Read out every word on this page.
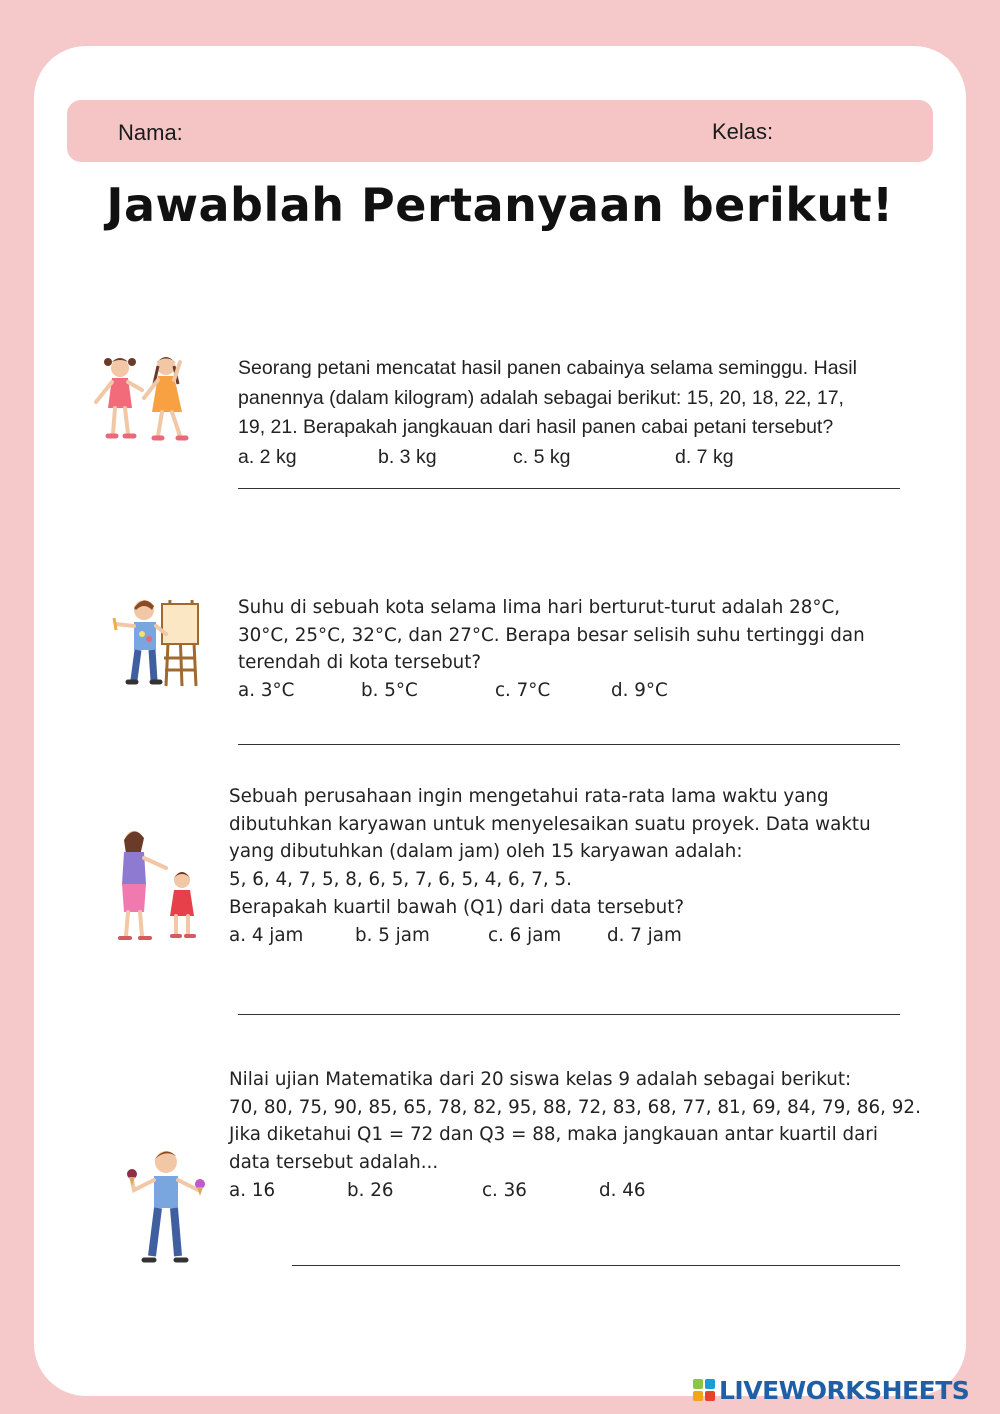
Nama:	Kelas:
Jawablah Pertanyaan berikut!
Seorang petani mencatat hasil panen cabainya selama seminggu. Hasil
panennya (dalam kilogram) adalah sebagai berikut: 15, 20, 18, 22, 17,
19, 21. Berapakah jangkauan dari hasil panen cabai petani tersebut?
a. 2 kg	b. 3 kg	c. 5 kg	d. 7 kg
Suhu di sebuah kota selama lima hari berturut-turut adalah 28°C,
30°C, 25°C, 32°C, dan 27°C. Berapa besar selisih suhu tertinggi dan
terendah di kota tersebut?
a. 3°C	b. 5°C	c. 7°C	d. 9°C
Sebuah perusahaan ingin mengetahui rata-rata lama waktu yang
dibutuhkan karyawan untuk menyelesaikan suatu proyek. Data waktu
yang dibutuhkan (dalam jam) oleh 15 karyawan adalah:
5, 6, 4, 7, 5, 8, 6, 5, 7, 6, 5, 4, 6, 7, 5.
Berapakah kuartil bawah (Q1) dari data tersebut?
a. 4 jam	b. 5 jam	c. 6 jam	d. 7 jam
Nilai ujian Matematika dari 20 siswa kelas 9 adalah sebagai berikut:
70, 80, 75, 90, 85, 65, 78, 82, 95, 88, 72, 83, 68, 77, 81, 69, 84, 79, 86, 92.
Jika diketahui Q1 = 72 dan Q3 = 88, maka jangkauan antar kuartil dari
data tersebut adalah...
a. 16	b. 26	c. 36	d. 46
LIVEWORKSHEETS
